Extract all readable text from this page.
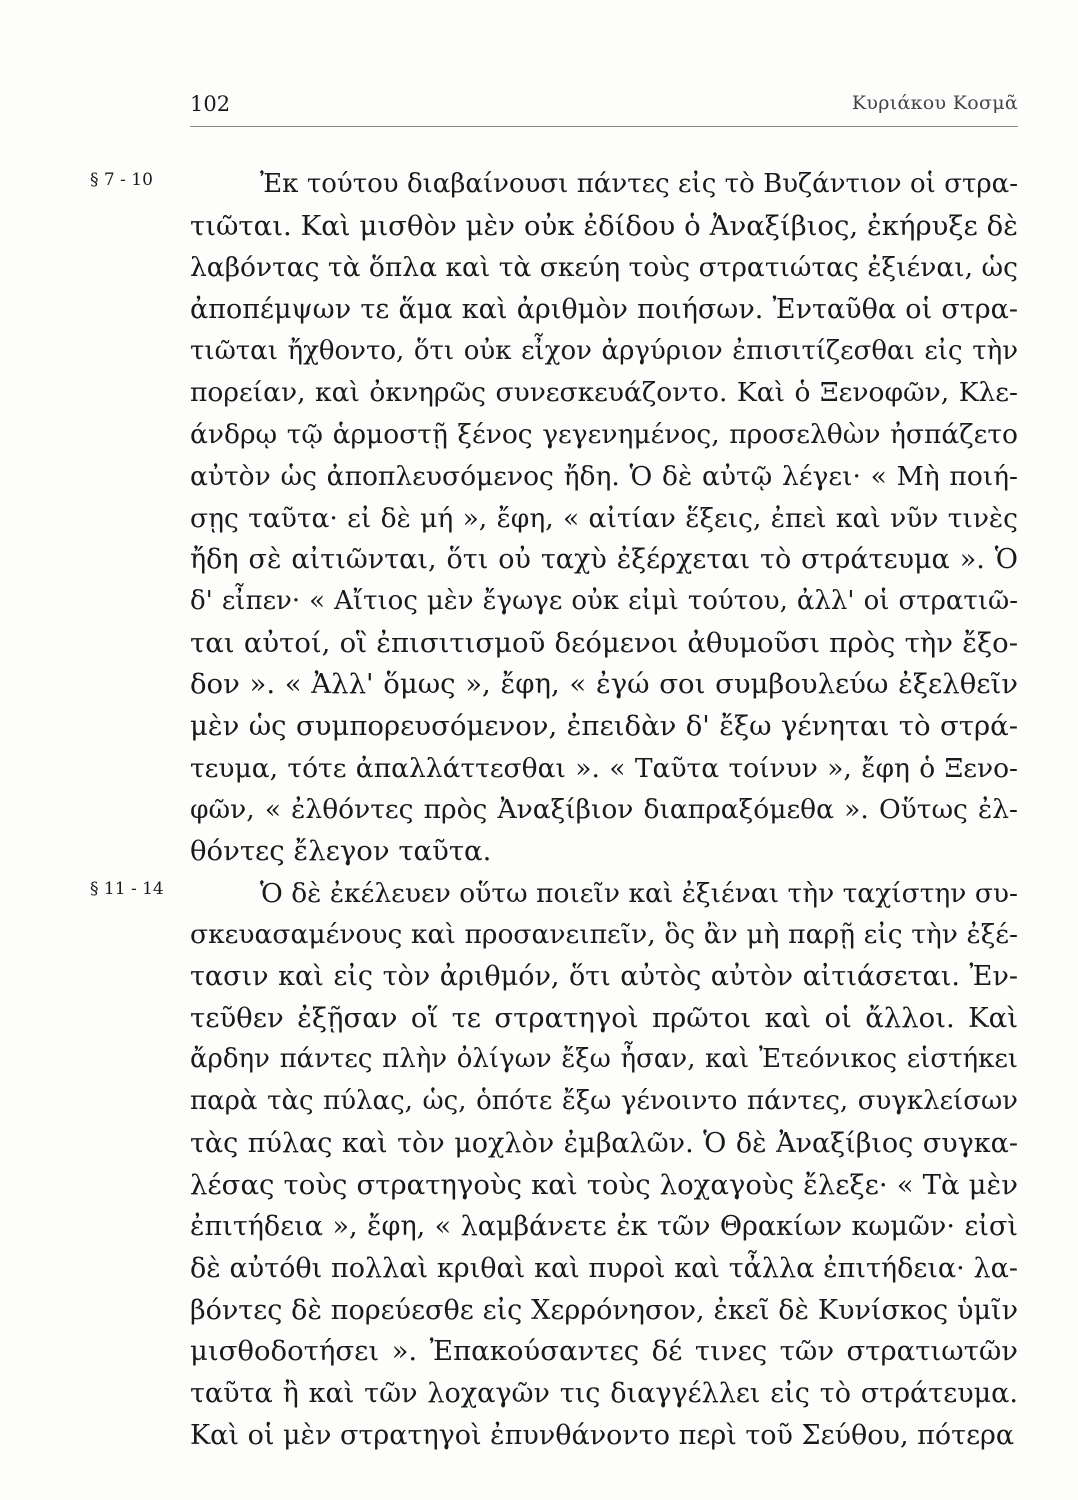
102	Κυριάκου Κοσμᾶ
§ 7 - 10	Ἐκ τούτου διαβαίνουσι πάντες εἰς τὸ Βυζάντιον οἱ στρα-
τιῶται. Καὶ μισθὸν μὲν οὐκ ἐδίδου ὁ Ἀναξίβιος, ἐκήρυξε δὲ
λαβόντας τὰ ὅπλα καὶ τὰ σκεύη τοὺς στρατιώτας ἐξιέναι, ὡς
ἀποπέμψων τε ἅμα καὶ ἀριθμὸν ποιήσων. Ἐνταῦθα οἱ στρα-
τιῶται ἤχθοντο, ὅτι οὐκ εἶχον ἀργύριον ἐπισιτίζεσθαι εἰς τὴν
πορείαν, καὶ ὀκνηρῶς συνεσκευάζοντο. Καὶ ὁ Ξενοφῶν, Κλε-
άνδρῳ τῷ ἁρμοστῇ ξένος γεγενημένος, προσελθὼν ἠσπάζετο
αὐτὸν ὡς ἀποπλευσόμενος ἤδη. Ὁ δὲ αὐτῷ λέγει· « Μὴ ποιή-
σῃς ταῦτα· εἰ δὲ μή », ἔφη, « αἰτίαν ἕξεις, ἐπεὶ καὶ νῦν τινὲς
ἤδη σὲ αἰτιῶνται, ὅτι οὐ ταχὺ ἐξέρχεται τὸ στράτευμα ». Ὁ
δ' εἶπεν· « Αἴτιος μὲν ἔγωγε οὐκ εἰμὶ τούτου, ἀλλ' οἱ στρατιῶ-
ται αὐτοί, οἳ ἐπισιτισμοῦ δεόμενοι ἀθυμοῦσι πρὸς τὴν ἔξο-
δον ». « Ἀλλ' ὅμως », ἔφη, « ἐγώ σοι συμβουλεύω ἐξελθεῖν
μὲν ὡς συμπορευσόμενον, ἐπειδὰν δ' ἔξω γένηται τὸ στρά-
τευμα, τότε ἀπαλλάττεσθαι ». « Ταῦτα τοίνυν », ἔφη ὁ Ξενο-
φῶν, « ἐλθόντες πρὸς Ἀναξίβιον διαπραξόμεθα ». Οὕτως ἐλ-
θόντες ἔλεγον ταῦτα.
§ 11 - 14	Ὁ δὲ ἐκέλευεν οὕτω ποιεῖν καὶ ἐξιέναι τὴν ταχίστην συ-
σκευασαμένους καὶ προσανειπεῖν, ὃς ἂν μὴ παρῇ εἰς τὴν ἐξέ-
τασιν καὶ εἰς τὸν ἀριθμόν, ὅτι αὐτὸς αὐτὸν αἰτιάσεται. Ἐν-
τεῦθεν ἐξῇσαν οἵ τε στρατηγοὶ πρῶτοι καὶ οἱ ἄλλοι. Καὶ
ἄρδην πάντες πλὴν ὀλίγων ἔξω ἦσαν, καὶ Ἐτεόνικος εἱστήκει
παρὰ τὰς πύλας, ὡς, ὁπότε ἔξω γένοιντο πάντες, συγκλείσων
τὰς πύλας καὶ τὸν μοχλὸν ἐμβαλῶν. Ὁ δὲ Ἀναξίβιος συγκα-
λέσας τοὺς στρατηγοὺς καὶ τοὺς λοχαγοὺς ἔλεξε· « Τὰ μὲν
ἐπιτήδεια », ἔφη, « λαμβάνετε ἐκ τῶν Θρακίων κωμῶν· εἰσὶ
δὲ αὐτόθι πολλαὶ κριθαὶ καὶ πυροὶ καὶ τἆλλα ἐπιτήδεια· λα-
βόντες δὲ πορεύεσθε εἰς Χερρόνησον, ἐκεῖ δὲ Κυνίσκος ὑμῖν
μισθοδοτήσει ». Ἐπακούσαντες δέ τινες τῶν στρατιωτῶν
ταῦτα ἢ καὶ τῶν λοχαγῶν τις διαγγέλλει εἰς τὸ στράτευμα.
Καὶ οἱ μὲν στρατηγοὶ ἐπυνθάνοντο περὶ τοῦ Σεύθου, πότερα
